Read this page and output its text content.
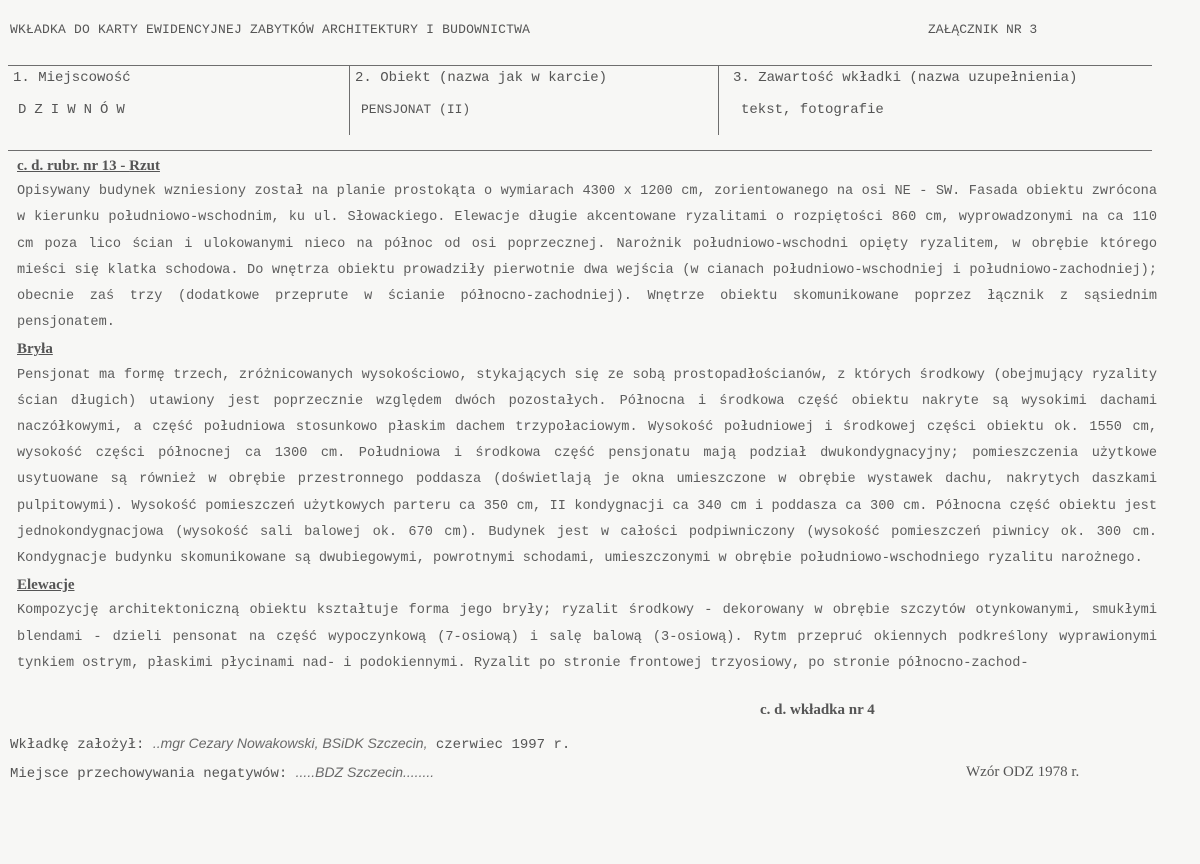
WKŁADKA DO KARTY EWIDENCYJNEJ ZABYTKÓW ARCHITEKTURY I BUDOWNICTWA	ZAŁĄCZNIK NR 3
1. Miejscowość
DZIWNÓW
2. Obiekt (nazwa jak w karcie)
PENSJONAT (II)
3. Zawartość wkładki (nazwa uzupełnienia)
tekst, fotografie
c. d. rubr. nr 13 - Rzut

Opisywany budynek wzniesiony został na planie prostokąta o wymiarach 4300 x 1200 cm, zorientowanego na osi NE - SW. Fasada obiektu zwrócona w kierunku południowo-wschodnim, ku ul. Słowackiego. Elewacje długie akcentowane ryzalitami o rozpiętości 860 cm, wyprowadzonymi na ca 110 cm poza lico ścian i ulokowanymi nieco na północ od osi poprzecznej. Narożnik południowo-wschodni opięty ryzalitem, w obrębie którego mieści się klatka schodowa. Do wnętrza obiektu prowadziły pierwotnie dwa wejścia (w cianach południowo-wschodniej i południowo-zachodniej); obecnie zaś trzy (dodatkowe przeprute w ścianie północno-zachodniej). Wnętrze obiektu skomunikowane poprzez łącznik z sąsiednim pensjonatem.

Bryła

Pensjonat ma formę trzech, zróżnicowanych wysokościowo, stykających się ze sobą prostopadłościanów, z których środkowy (obejmujący ryzality ścian długich) utawiony jest poprzecznie względem dwóch pozostałych. Północna i środkowa część obiektu nakryte są wysokimi dachami naczółkowymi, a część południowa stosunkowo płaskim dachem trzypołaciowym. Wysokość południowej i środkowej części obiektu ok. 1550 cm, wysokość części północnej ca 1300 cm. Południowa i środkowa część pensjonatu mają podział dwukondygnacyjny; pomieszczenia użytkowe usytuowane są również w obrębie przestronnego poddasza (doświetlają je okna umieszczone w obrębie wystawek dachu, nakrytych daszkami pulpitowymi). Wysokość pomieszczeń użytkowych parteru ca 350 cm, II kondygnacji ca 340 cm i poddasza ca 300 cm. Północna część obiektu jest jednokondygnacjowa (wysokość sali balowej ok. 670 cm). Budynek jest w całości podpiwniczony (wysokość pomieszczeń piwnicy ok. 300 cm. Kondygnacje budynku skomunikowane są dwubiegowymi, powrotnymi schodami, umieszczonymi w obrębie południowo-wschodniego ryzalitu narożnego.

Elewacje

Kompozycję architektoniczną obiektu kształtuje forma jego bryły; ryzalit środkowy - dekorowany w obrębie szczytów otynkowanymi, smukłymi blendami - dzieli pensonat na część wypoczynkową (7-osiową) i salę balową (3-osiową). Rytm przepruć okiennych podkreślony wyprawionymi tynkiem ostrym, płaskimi płycinami nad- i podokiennymi. Ryzalit po stronie frontowej trzyosiowy, po stronie północno-zachod-

c. d. wkładka nr 4
Wkładkę założył: ..mgr Cezary Nowakowski, BSiDK Szczecin, czerwiec 1997 r.
Miejsce przechowywania negatywów: .....BDZ Szczecin........	Wzór ODZ 1978 r.
